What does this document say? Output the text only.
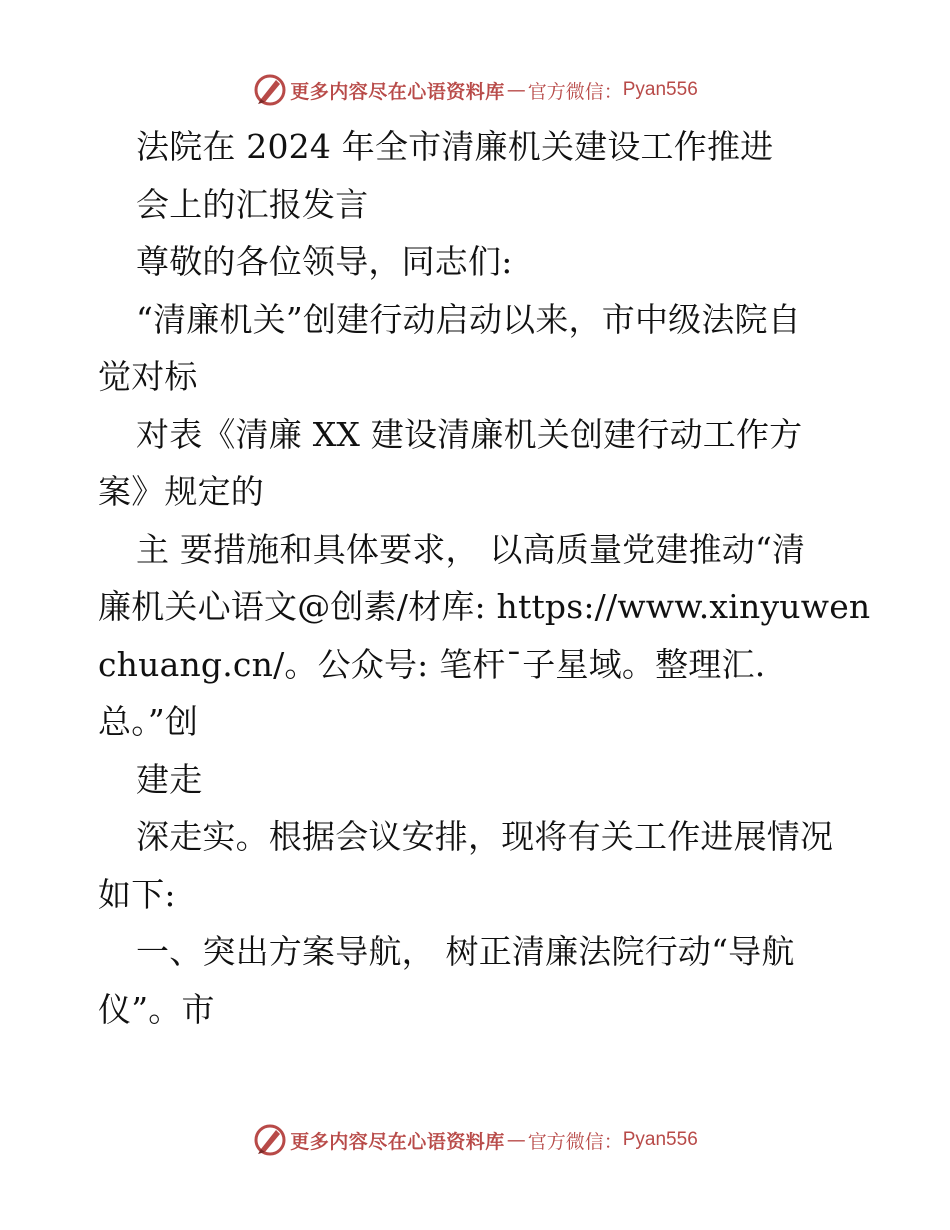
更多内容尽在心语资料库 — 官方微信： Pyan556
法院在 2024 年全市清廉机关建设工作推进
会上的汇报发言
尊敬的各位领导，同志们:
“清廉机关”创建行动启动以来，市中级法院自
觉对标
对表《清廉 XX 建设清廉机关创建行动工作方
案》规定的
主 要措施和具体要求， 以高质量党建推动“清
廉机关心语文@创素/材库: https://www.xinyuwen
chuang.cn/。公众号: 笔杆¯子星域。整理汇.
总。”创
建走
深走实。根据会议安排，现将有关工作进展情况
如下:
一、突出方案导航， 树正清廉法院行动“导航
仪”。市
更多内容尽在心语资料库 — 官方微信： Pyan556
